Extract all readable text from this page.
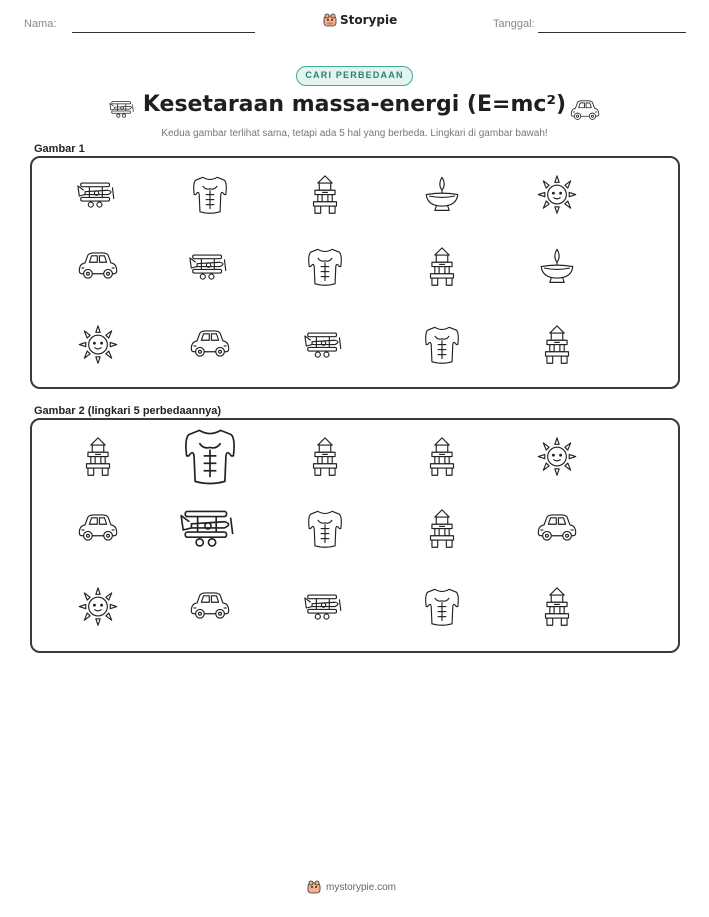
Nama:	Storypie	Tanggal:
CARI PERBEDAAN
Kesetaraan massa-energi (E=mc²)
Kedua gambar terlihat sama, tetapi ada 5 hal yang berbeda. Lingkari di gambar bawah!
Gambar 1
Gambar 2 (lingkari 5 perbedaannya)
mystorypie.com
